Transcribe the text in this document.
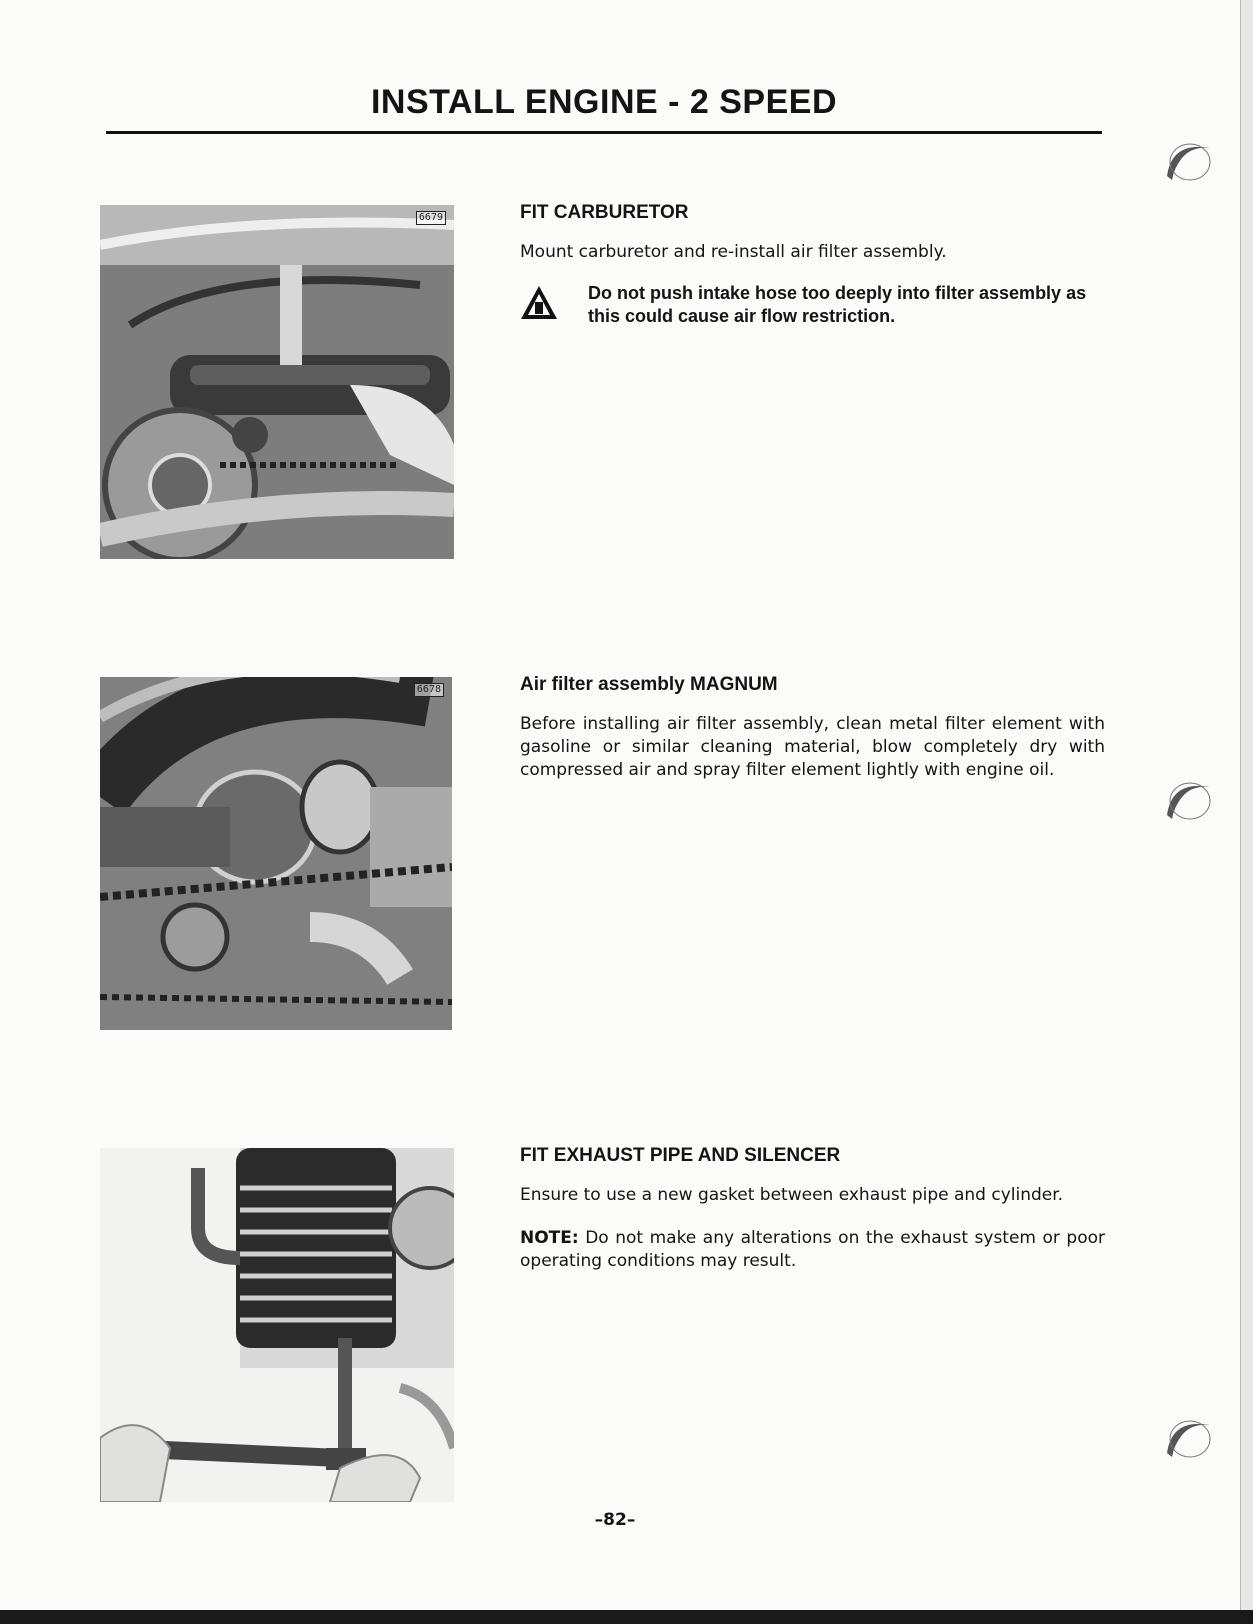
INSTALL ENGINE - 2 SPEED
6679
6678
FIT CARBURETOR

Mount carburetor and re-install air filter assembly.

Do not push intake hose too deeply into filter assembly as this could cause air flow restriction.

Air filter assembly MAGNUM

Before installing air filter assembly, clean metal filter element with gasoline or similar cleaning material, blow completely dry with compressed air and spray filter element lightly with engine oil.

FIT EXHAUST PIPE AND SILENCER

Ensure to use a new gasket between exhaust pipe and cylinder.

NOTE: Do not make any alterations on the exhaust system or poor operating conditions may result.

–82–
